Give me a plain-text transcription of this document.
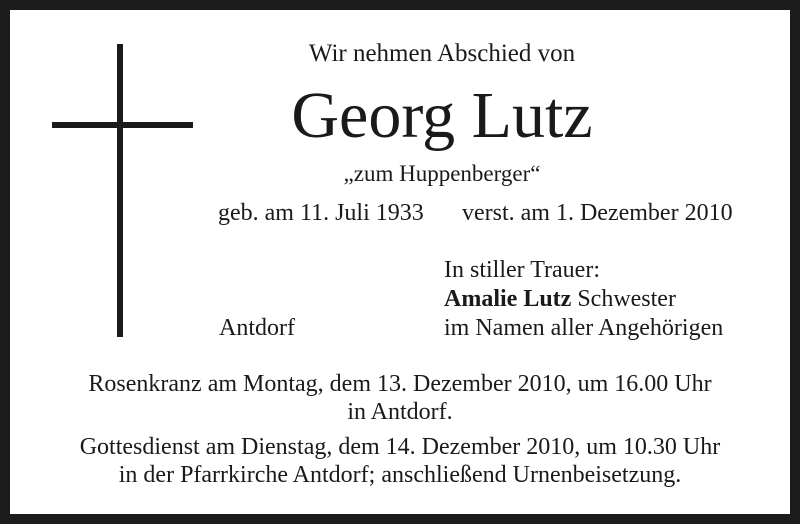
Wir nehmen Abschied von
Georg Lutz
„zum Huppenberger“
geb. am 11. Juli 1933 verst. am 1. Dezember 2010
In stiller Trauer:
Amalie Lutz Schwester
im Namen aller Angehörigen
Antdorf
Rosenkranz am Montag, dem 13. Dezember 2010, um 16.00 Uhr
in Antdorf.
Gottesdienst am Dienstag, dem 14. Dezember 2010, um 10.30 Uhr
in der Pfarrkirche Antdorf; anschließend Urnenbeisetzung.
